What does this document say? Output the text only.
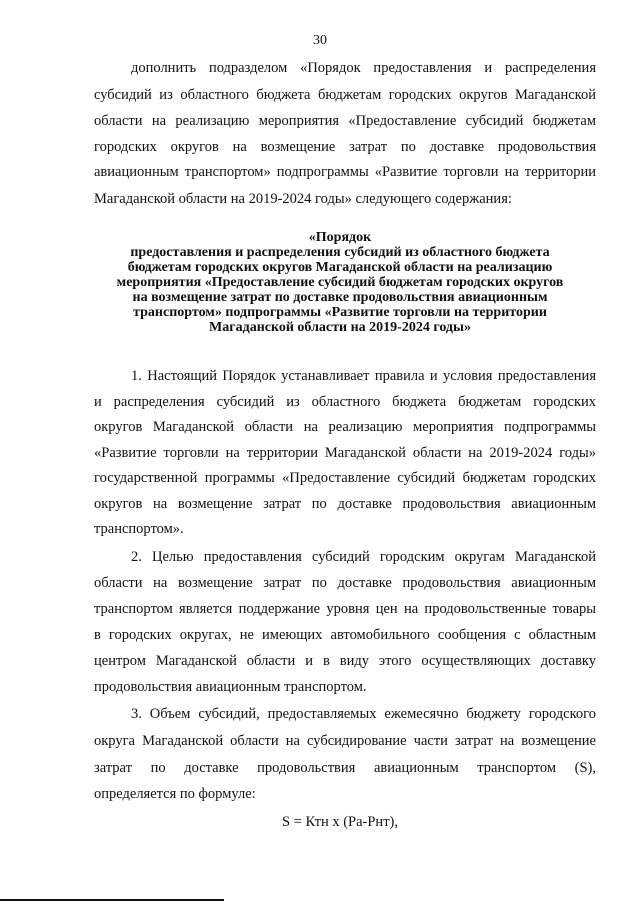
30
дополнить подразделом «Порядок предоставления и распределения
субсидий из областного бюджета бюджетам городских округов Магаданской
области на реализацию мероприятия «Предоставление субсидий бюджетам
городских округов на возмещение затрат по доставке продовольствия
авиационным транспортом» подпрограммы «Развитие торговли на территории
Магаданской области на 2019-2024 годы» следующего содержания:
«Порядок
предоставления и распределения субсидий из областного бюджета
бюджетам городских округов Магаданской области на реализацию
мероприятия «Предоставление субсидий бюджетам городских округов
на возмещение затрат по доставке продовольствия авиационным
транспортом» подпрограммы «Развитие торговли на территории
Магаданской области на 2019-2024 годы»
1. Настоящий Порядок устанавливает правила и условия предоставления
и распределения субсидий из областного бюджета бюджетам городских
округов Магаданской области на реализацию мероприятия подпрограммы
«Развитие торговли на территории Магаданской области на 2019-2024 годы»
государственной программы «Предоставление субсидий бюджетам городских
округов на возмещение затрат по доставке продовольствия авиационным
транспортом».
2. Целью предоставления субсидий городским округам Магаданской
области на возмещение затрат по доставке продовольствия авиационным
транспортом является поддержание уровня цен на продовольственные товары
в городских округах, не имеющих автомобильного сообщения с областным
центром Магаданской области и в виду этого осуществляющих доставку
продовольствия авиационным транспортом.
3. Объем субсидий, предоставляемых ежемесячно бюджету городского
округа Магаданской области на субсидирование части затрат на возмещение
затрат по доставке продовольствия авиационным транспортом (S),
определяется по формуле:
S = Ктн х (Ра-Рнт),
